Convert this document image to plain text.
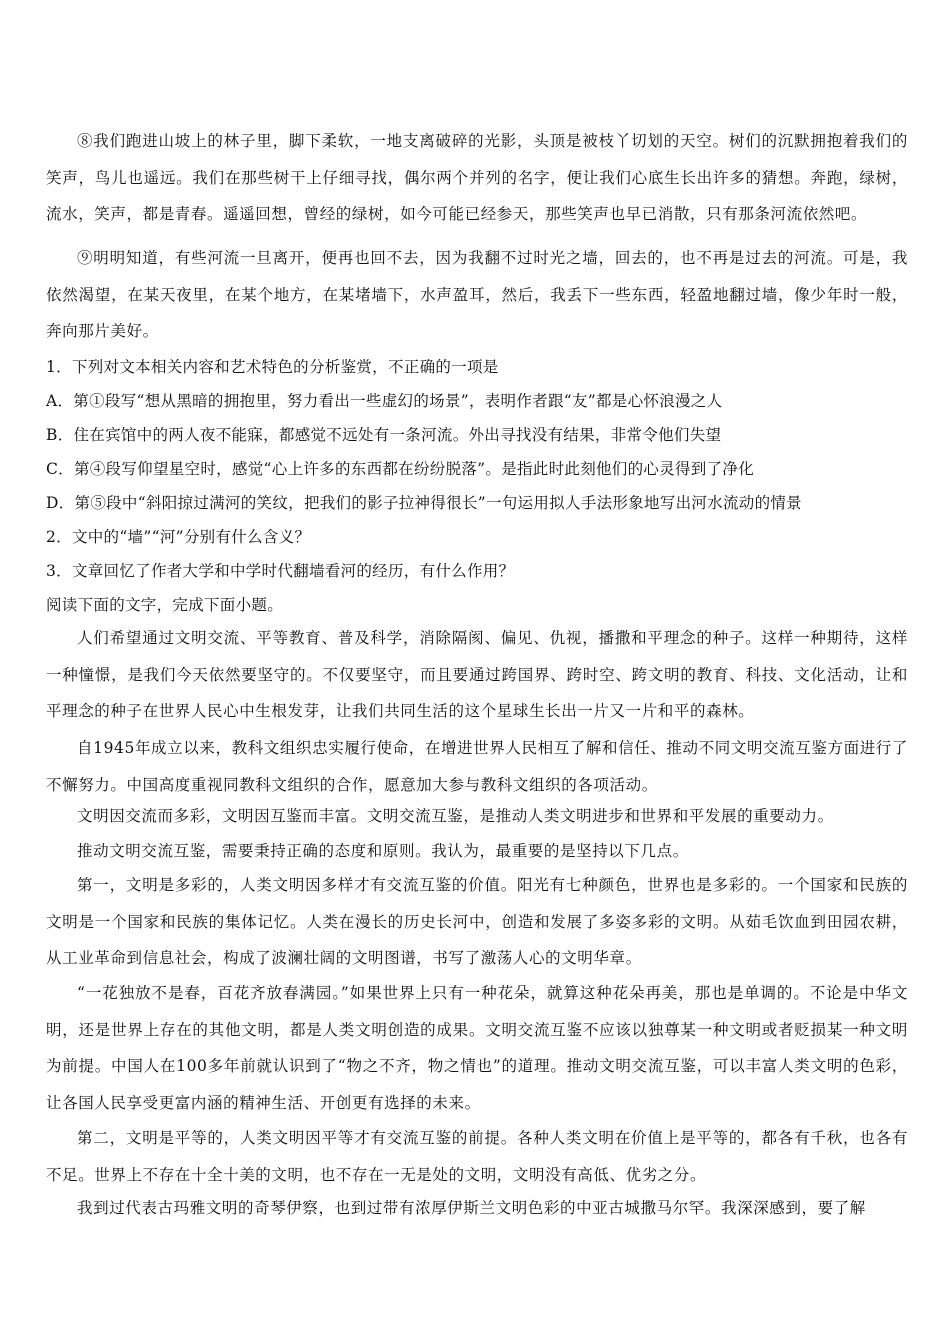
⑧我们跑进山坡上的林子里，脚下柔软，一地支离破碎的光影，头顶是被枝丫切划的天空。树们的沉默拥抱着我们的笑声，鸟儿也遥远。我们在那些树干上仔细寻找，偶尔两个并列的名字，便让我们心底生长出许多的猜想。奔跑，绿树，流水，笑声，都是青春。遥遥回想，曾经的绿树，如今可能已经参天，那些笑声也早已消散，只有那条河流依然吧。

⑨明明知道，有些河流一旦离开，便再也回不去，因为我翻不过时光之墙，回去的，也不再是过去的河流。可是，我依然渴望，在某天夜里，在某个地方，在某堵墙下，水声盈耳，然后，我丢下一些东西，轻盈地翻过墙，像少年时一般，奔向那片美好。

1．下列对文本相关内容和艺术特色的分析鉴赏，不正确的一项是

A．第①段写“想从黑暗的拥抱里，努力看出一些虚幻的场景”，表明作者跟“友”都是心怀浪漫之人

B．住在宾馆中的两人夜不能寐，都感觉不远处有一条河流。外出寻找没有结果，非常令他们失望

C．第④段写仰望星空时，感觉“心上许多的东西都在纷纷脱落”。是指此时此刻他们的心灵得到了净化

D．第⑤段中“斜阳掠过满河的笑纹，把我们的影子拉神得很长”一句运用拟人手法形象地写出河水流动的情景

2．文中的“墙”“河”分别有什么含义？

3．文章回忆了作者大学和中学时代翻墙看河的经历，有什么作用？

阅读下面的文字，完成下面小题。

人们希望通过文明交流、平等教育、普及科学，消除隔阂、偏见、仇视，播撒和平理念的种子。这样一种期待，这样一种憧憬，是我们今天依然要坚守的。不仅要坚守，而且要通过跨国界、跨时空、跨文明的教育、科技、文化活动，让和平理念的种子在世界人民心中生根发芽，让我们共同生活的这个星球生长出一片又一片和平的森林。

自1945年成立以来，教科文组织忠实履行使命，在增进世界人民相互了解和信任、推动不同文明交流互鉴方面进行了不懈努力。中国高度重视同教科文组织的合作，愿意加大参与教科文组织的各项活动。

文明因交流而多彩，文明因互鉴而丰富。文明交流互鉴，是推动人类文明进步和世界和平发展的重要动力。

推动文明交流互鉴，需要秉持正确的态度和原则。我认为，最重要的是坚持以下几点。

第一，文明是多彩的，人类文明因多样才有交流互鉴的价值。阳光有七种颜色，世界也是多彩的。一个国家和民族的文明是一个国家和民族的集体记忆。人类在漫长的历史长河中，创造和发展了多姿多彩的文明。从茹毛饮血到田园农耕，从工业革命到信息社会，构成了波澜壮阔的文明图谱，书写了激荡人心的文明华章。

“一花独放不是春，百花齐放春满园。”如果世界上只有一种花朵，就算这种花朵再美，那也是单调的。不论是中华文明，还是世界上存在的其他文明，都是人类文明创造的成果。文明交流互鉴不应该以独尊某一种文明或者贬损某一种文明为前提。中国人在100多年前就认识到了“物之不齐，物之情也”的道理。推动文明交流互鉴，可以丰富人类文明的色彩，让各国人民享受更富内涵的精神生活、开创更有选择的未来。

第二，文明是平等的，人类文明因平等才有交流互鉴的前提。各种人类文明在价值上是平等的，都各有千秋，也各有不足。世界上不存在十全十美的文明，也不存在一无是处的文明，文明没有高低、优劣之分。

我到过代表古玛雅文明的奇琴伊察，也到过带有浓厚伊斯兰文明色彩的中亚古城撒马尔罕。我深深感到，要了解
